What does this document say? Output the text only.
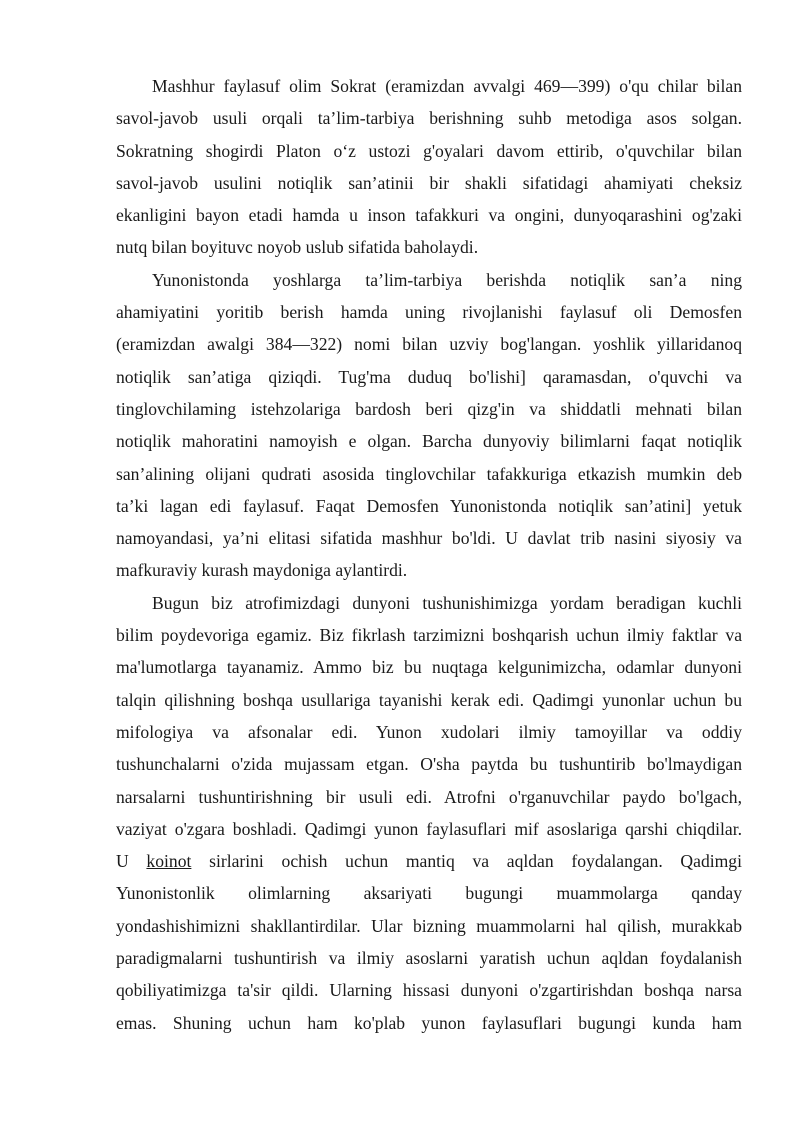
Mashhur faylasuf olim Sokrat (eramizdan avvalgi 469—399) o'qu chilar bilan
savol-javob usuli orqali ta’lim-tarbiya berishning suhb metodiga asos solgan.
Sokratning shogirdi Platon o‘z ustozi g'oyalari davom ettirib, o'quvchilar bilan
savol-javob usulini notiqlik san’atinii bir shakli sifatidagi ahamiyati cheksiz
ekanligini bayon etadi hamda u inson tafakkuri va ongini, dunyoqarashini og'zaki
nutq bilan boyituvc noyob uslub sifatida baholaydi.
Yunonistonda yoshlarga ta’lim-tarbiya berishda notiqlik san’a ning
ahamiyatini yoritib berish hamda uning rivojlanishi faylasuf oli Demosfen
(eramizdan awalgi 384—322) nomi bilan uzviy bog'langan. yoshlik yillaridanoq
notiqlik san’atiga qiziqdi. Tug'ma duduq bo'lishi] qaramasdan, o'quvchi va
tinglovchilaming istehzolariga bardosh beri qizg'in va shiddatli mehnati bilan
notiqlik mahoratini namoyish e olgan. Barcha dunyoviy bilimlarni faqat notiqlik
san’alining olijani qudrati asosida tinglovchilar tafakkuriga etkazish mumkin deb
ta’ki lagan edi faylasuf. Faqat Demosfen Yunonistonda notiqlik san’atini] yetuk
namoyandasi, ya’ni elitasi sifatida mashhur bo'ldi. U davlat trib nasini siyosiy va
mafkuraviy kurash maydoniga aylantirdi.
Bugun biz atrofimizdagi dunyoni tushunishimizga yordam beradigan kuchli
bilim poydevoriga egamiz. Biz fikrlash tarzimizni boshqarish uchun ilmiy faktlar va
ma'lumotlarga tayanamiz. Ammo biz bu nuqtaga kelgunimizcha, odamlar dunyoni
talqin qilishning boshqa usullariga tayanishi kerak edi. Qadimgi yunonlar uchun bu
mifologiya va afsonalar edi. Yunon xudolari ilmiy tamoyillar va oddiy
tushunchalarni o'zida mujassam etgan. O'sha paytda bu tushuntirib bo'lmaydigan
narsalarni tushuntirishning bir usuli edi. Atrofni o'rganuvchilar paydo bo'lgach,
vaziyat o'zgara boshladi. Qadimgi yunon faylasuflari mif asoslariga qarshi chiqdilar.
U koinot sirlarini ochish uchun mantiq va aqldan foydalangan. Qadimgi
Yunonistonlik olimlarning aksariyati bugungi muammolarga qanday
yondashishimizni shakllantirdilar. Ular bizning muammolarni hal qilish, murakkab
paradigmalarni tushuntirish va ilmiy asoslarni yaratish uchun aqldan foydalanish
qobiliyatimizga ta'sir qildi. Ularning hissasi dunyoni o'zgartirishdan boshqa narsa
emas. Shuning uchun ham ko'plab yunon faylasuflari bugungi kunda ham
